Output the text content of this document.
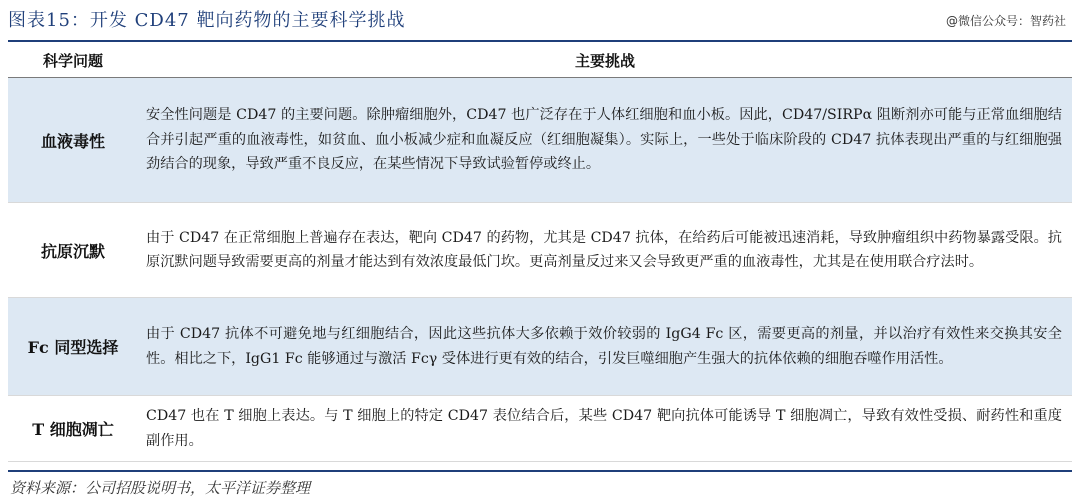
图表15：开发 CD47 靶向药物的主要科学挑战	@微信公众号：智药社
科学问题	主要挑战
血液毒性	安全性问题是 CD47 的主要问题。除肿瘤细胞外，CD47 也广泛存在于人体红细胞和血小板。因此，CD47/SIRPα 阻断剂亦可能与正常血细胞结合并引起严重的血液毒性，如贫血、血小板减少症和血凝反应（红细胞凝集）。实际上，一些处于临床阶段的 CD47 抗体表现出严重的与红细胞强劲结合的现象，导致严重不良反应，在某些情况下导致试验暂停或终止。
抗原沉默	由于 CD47 在正常细胞上普遍存在表达，靶向 CD47 的药物，尤其是 CD47 抗体，在给药后可能被迅速消耗，导致肿瘤组织中药物暴露受限。抗原沉默问题导致需要更高的剂量才能达到有效浓度最低门坎。更高剂量反过来又会导致更严重的血液毒性，尤其是在使用联合疗法时。
Fc 同型选择	由于 CD47 抗体不可避免地与红细胞结合，因此这些抗体大多依赖于效价较弱的 IgG4 Fc 区，需要更高的剂量，并以治疗有效性来交换其安全性。相比之下，IgG1 Fc 能够通过与激活 Fcγ 受体进行更有效的结合，引发巨噬细胞产生强大的抗体依赖的细胞吞噬作用活性。
T 细胞凋亡	CD47 也在 T 细胞上表达。与 T 细胞上的特定 CD47 表位结合后，某些 CD47 靶向抗体可能诱导 T 细胞凋亡，导致有效性受损、耐药性和重度副作用。
资料来源：公司招股说明书，太平洋证券整理
